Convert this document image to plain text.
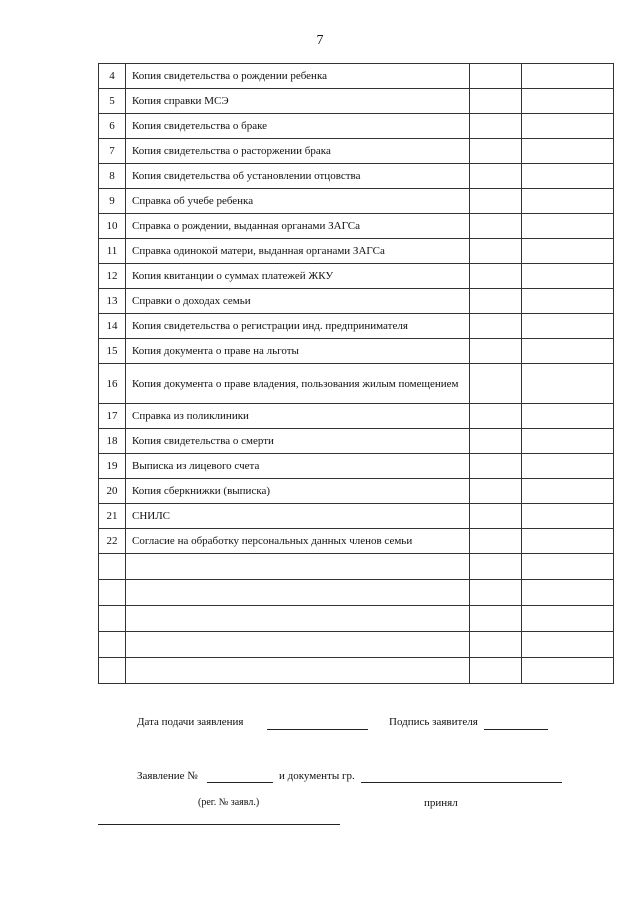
7
4	Копия свидетельства о рождении ребенка		
5	Копия справки МСЭ		
6	Копия свидетельства о браке		
7	Копия свидетельства о расторжении брака		
8	Копия свидетельства об установлении отцовства		
9	Справка об учебе ребенка		
10	Справка о рождении, выданная органами ЗАГСа		
11	Справка одинокой матери, выданная органами ЗАГСа		
12	Копия квитанции о суммах платежей ЖКУ		
13	Справки о доходах семьи		
14	Копия свидетельства о регистрации инд. предпринимателя		
15	Копия документа о праве на льготы		
16	Копия документа о праве владения, пользования жилым помещением		
17	Справка из поликлиники		
18	Копия свидетельства о смерти		
19	Выписка из лицевого счета		
20	Копия сберкнижки (выписка)		
21	СНИЛС		
22	Согласие на обработку персональных данных членов семьи		

Дата подачи заявления	Подпись заявителя
Заявление №	и документы гр.
(рег. № заявл.)	принял
